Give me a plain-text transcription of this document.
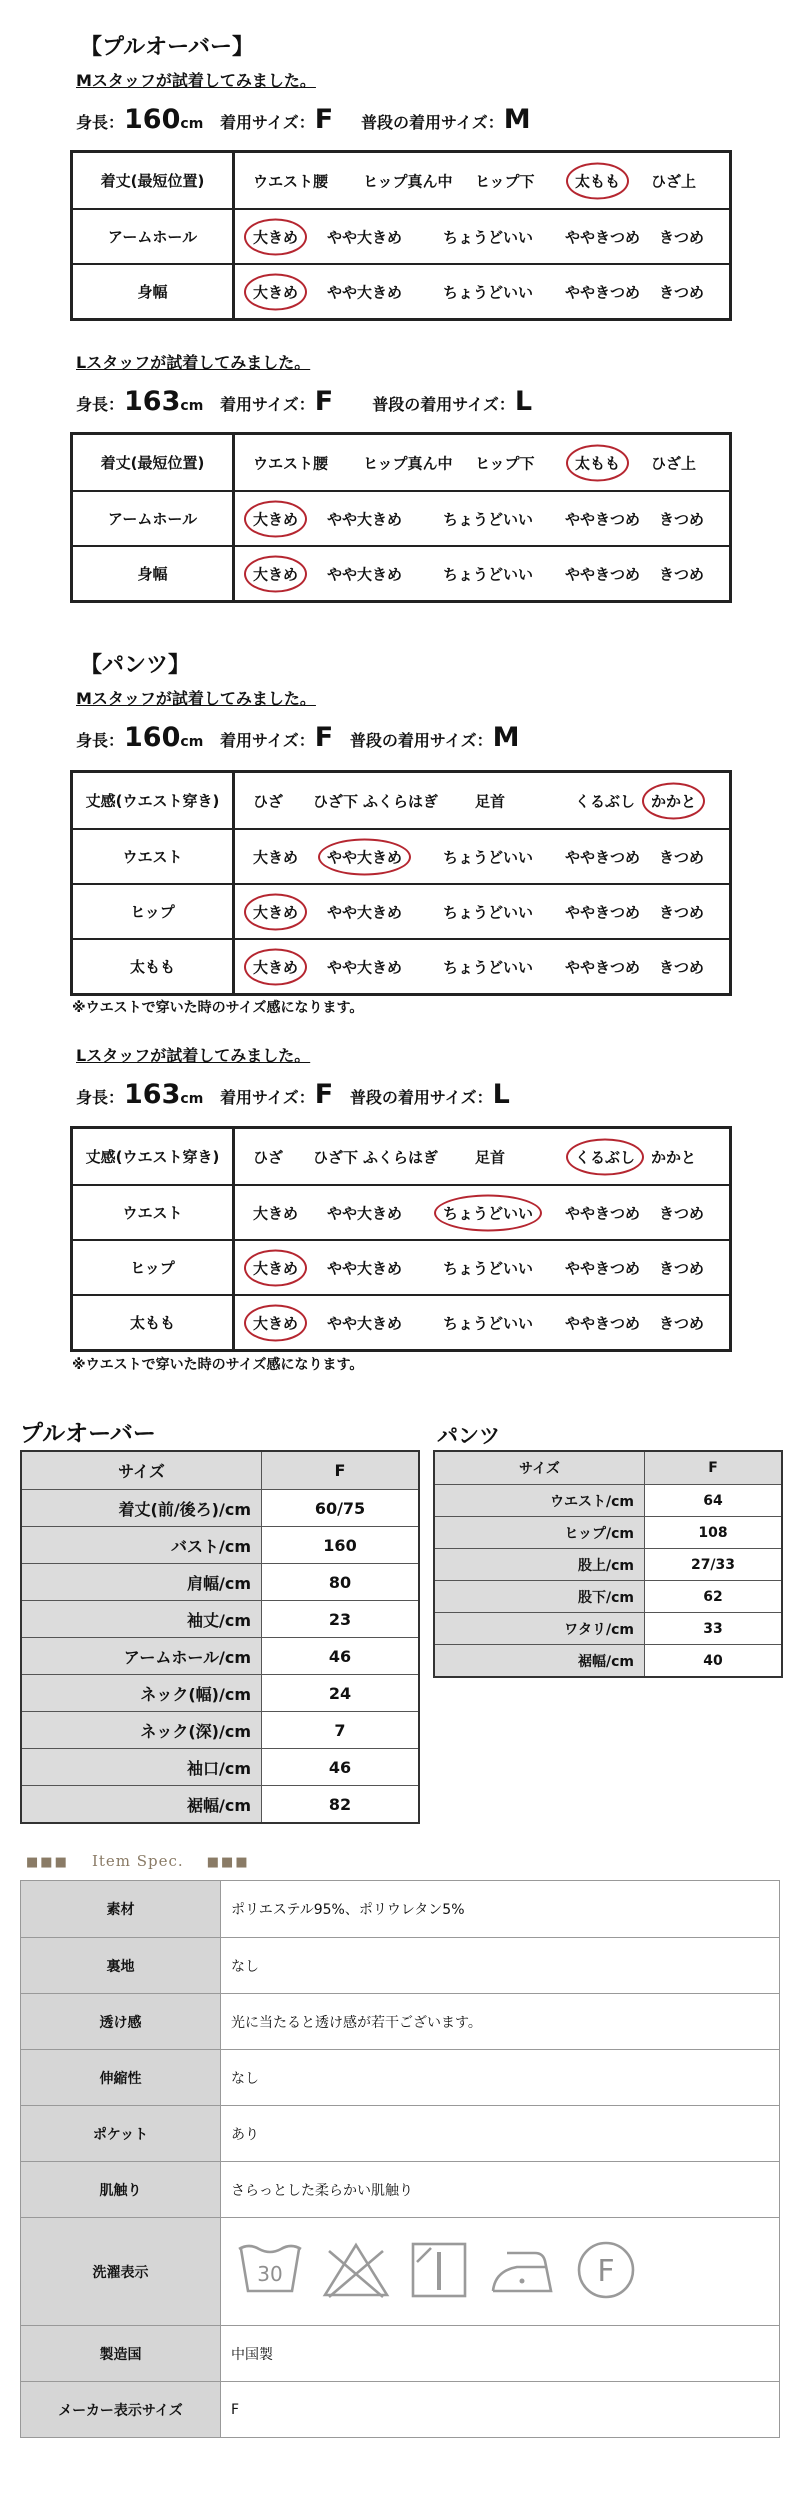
【プルオーバー】
Mスタッフが試着してみました。
身長：160cm 着用サイズ：F 普段の着用サイズ：M
着丈(最短位置)	ウエスト 腰 ヒップ真ん中 ヒップ下	太もも ひざ上
アームホール	大きめ やや大きめ	ちょうどいい ややきつめ きつめ
身幅	大きめ やや大きめ	ちょうどいい ややきつめ きつめ
Lスタッフが試着してみました。
身長：163cm 着用サイズ：F 普段の着用サイズ：L
着丈(最短位置)	ウエスト 腰 ヒップ真ん中 ヒップ下	太もも ひざ上
アームホール	大きめ やや大きめ	ちょうどいい ややきつめ きつめ
身幅	大きめ やや大きめ	ちょうどいい ややきつめ きつめ
【パンツ】
Mスタッフが試着してみました。
身長：160cm 着用サイズ：F 普段の着用サイズ：M
丈感(ウエスト穿き)	ひざ ひざ下 ふくらはぎ 足首	くるぶし かかと
ウエスト	大きめ やや大きめ	ちょうどいい ややきつめ きつめ
ヒップ	大きめ やや大きめ	ちょうどいい ややきつめ きつめ
太もも	大きめ やや大きめ	ちょうどいい ややきつめ きつめ
※ウエストで穿いた時のサイズ感になります。
Lスタッフが試着してみました。
身長：163cm 着用サイズ：F 普段の着用サイズ：L
丈感(ウエスト穿き)	ひざ ひざ下 ふくらはぎ 足首	くるぶし かかと
ウエスト	大きめ やや大きめ	ちょうどいい ややきつめ きつめ
ヒップ	大きめ やや大きめ	ちょうどいい ややきつめ きつめ
太もも	大きめ やや大きめ	ちょうどいい ややきつめ きつめ
※ウエストで穿いた時のサイズ感になります。
プルオーバー
サイズ	F
着丈(前/後ろ)/cm	60/75
バスト/cm	160
肩幅/cm	80
袖丈/cm	23
アームホール/cm	46
ネック(幅)/cm	24
ネック(深)/cm	7
袖口/cm	46
裾幅/cm	82
パンツ
サイズ	F
ウエスト/cm	64
ヒップ/cm	108
股上/cm	27/33
股下/cm	62
ワタリ/cm	33
裾幅/cm	40
■■■ Item Spec. ■■■
素材	ポリエステル95%、ポリウレタン5%
裏地	なし
透け感	光に当たると透け感が若干ございます。
伸縮性	なし
ポケット	あり
肌触り	さらっとした柔らかい肌触り
洗濯表示	30	F
製造国	中国製
メーカー表示サイズ	F
